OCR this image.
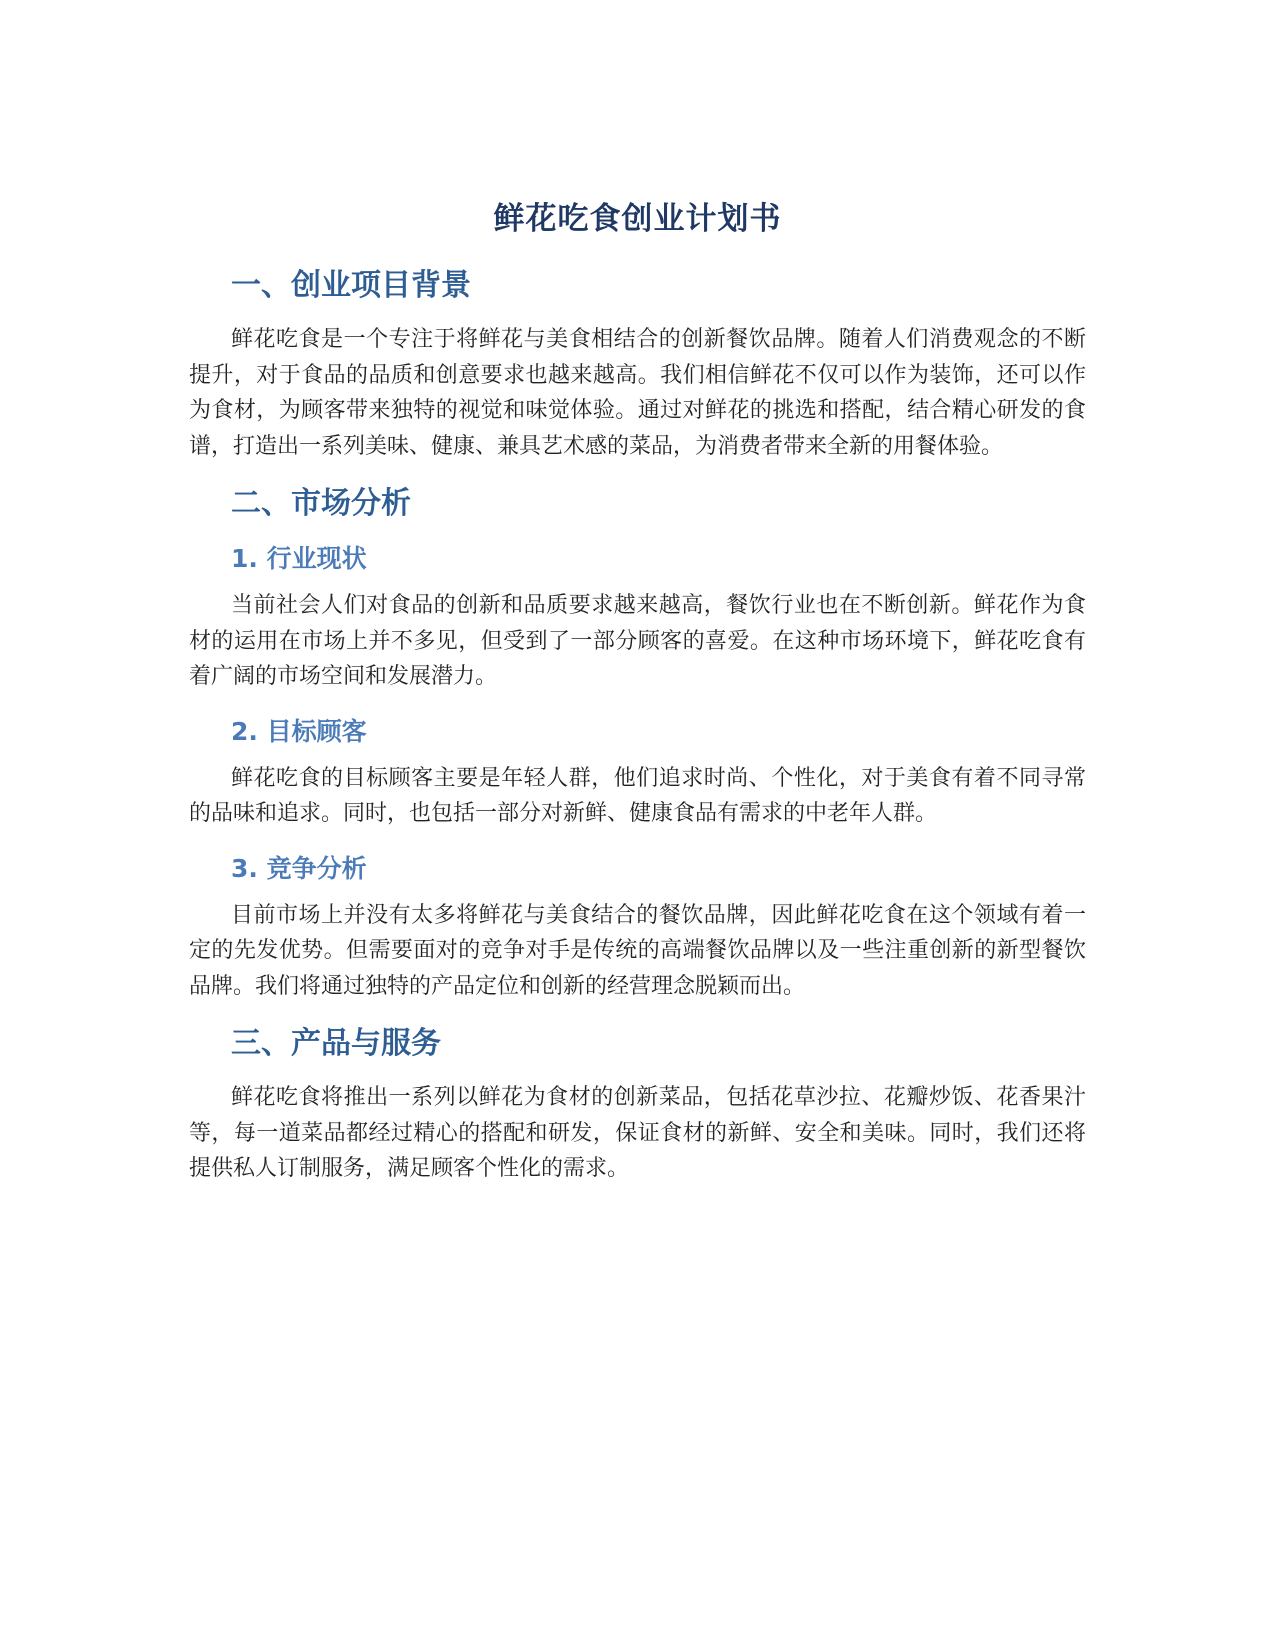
鲜花吃食创业计划书
一、创业项目背景

鲜花吃食是一个专注于将鲜花与美食相结合的创新餐饮品牌。随着人们消费观念的不断提升，对于食品的品质和创意要求也越来越高。我们相信鲜花不仅可以作为装饰，还可以作为食材，为顾客带来独特的视觉和味觉体验。通过对鲜花的挑选和搭配，结合精心研发的食谱，打造出一系列美味、健康、兼具艺术感的菜品，为消费者带来全新的用餐体验。

二、市场分析
1. 行业现状

当前社会人们对食品的创新和品质要求越来越高，餐饮行业也在不断创新。鲜花作为食材的运用在市场上并不多见，但受到了一部分顾客的喜爱。在这种市场环境下，鲜花吃食有着广阔的市场空间和发展潜力。

2. 目标顾客

鲜花吃食的目标顾客主要是年轻人群，他们追求时尚、个性化，对于美食有着不同寻常的品味和追求。同时，也包括一部分对新鲜、健康食品有需求的中老年人群。

3. 竞争分析

目前市场上并没有太多将鲜花与美食结合的餐饮品牌，因此鲜花吃食在这个领域有着一定的先发优势。但需要面对的竞争对手是传统的高端餐饮品牌以及一些注重创新的新型餐饮品牌。我们将通过独特的产品定位和创新的经营理念脱颖而出。

三、产品与服务

鲜花吃食将推出一系列以鲜花为食材的创新菜品，包括花草沙拉、花瓣炒饭、花香果汁等，每一道菜品都经过精心的搭配和研发，保证食材的新鲜、安全和美味。同时，我们还将提供私人订制服务，满足顾客个性化的需求。
